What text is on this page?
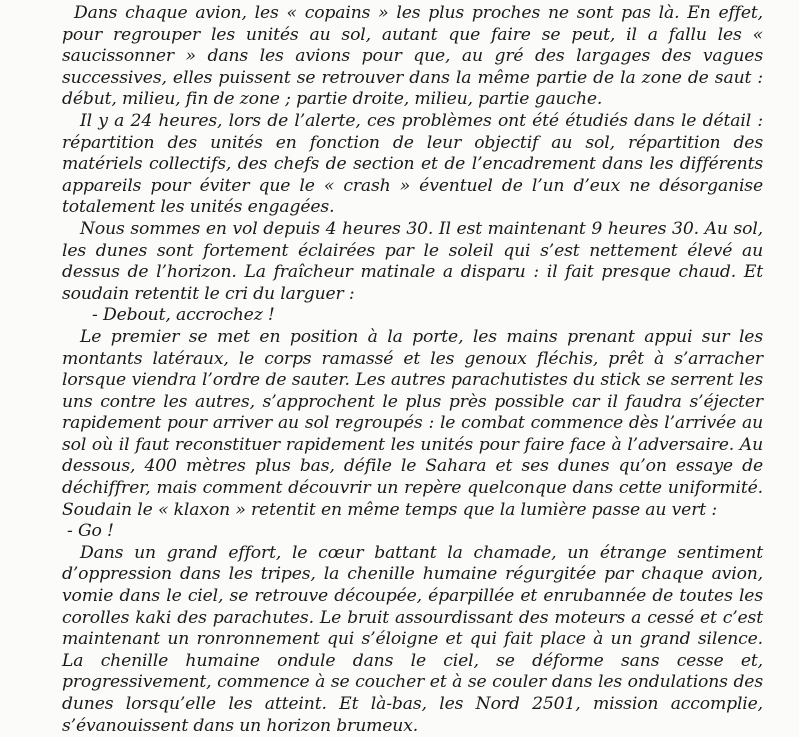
Dans chaque avion, les « copains » les plus proches ne sont pas là. En effet, pour regrouper les unités au sol, autant que faire se peut, il a fallu les « saucissonner » dans les avions pour que, au gré des largages des vagues successives, elles puissent se retrouver dans la même partie de la zone de saut : début, milieu, fin de zone ; partie droite, milieu, partie gauche.

Il y a 24 heures, lors de l’alerte, ces problèmes ont été étudiés dans le détail : répartition des unités en fonction de leur objectif au sol, répartition des matériels collectifs, des chefs de section et de l’encadrement dans les différents appareils pour éviter que le « crash » éventuel de l’un d’eux ne désorganise totalement les unités engagées.

Nous sommes en vol depuis 4 heures 30. Il est maintenant 9 heures 30. Au sol, les dunes sont fortement éclairées par le soleil qui s’est nettement élevé au dessus de l’horizon. La fraîcheur matinale a disparu : il fait presque chaud. Et soudain retentit le cri du larguer :

- Debout, accrochez !

Le premier se met en position à la porte, les mains prenant appui sur les montants latéraux, le corps ramassé et les genoux fléchis, prêt à s’arracher lorsque viendra l’ordre de sauter. Les autres parachutistes du stick se serrent les uns contre les autres, s’approchent le plus près possible car il faudra s’éjecter rapidement pour arriver au sol regroupés : le combat commence dès l’arrivée au sol où il faut reconstituer rapidement les unités pour faire face à l’adversaire. Au dessous, 400 mètres plus bas, défile le Sahara et ses dunes qu’on essaye de déchiffrer, mais comment découvrir un repère quelconque dans cette uniformité. Soudain le « klaxon » retentit en même temps que la lumière passe au vert :

- Go !

Dans un grand effort, le cœur battant la chamade, un étrange sentiment d’oppression dans les tripes, la chenille humaine régurgitée par chaque avion, vomie dans le ciel, se retrouve découpée, éparpillée et enrubannée de toutes les corolles kaki des parachutes. Le bruit assourdissant des moteurs a cessé et c’est maintenant un ronronnement qui s’éloigne et qui fait place à un grand silence. La chenille humaine ondule dans le ciel, se déforme sans cesse et, progressivement, commence à se coucher et à se couler dans les ondulations des dunes lorsqu’elle les atteint. Et là-bas, les Nord 2501, mission accomplie, s’évanouissent dans un horizon brumeux.
